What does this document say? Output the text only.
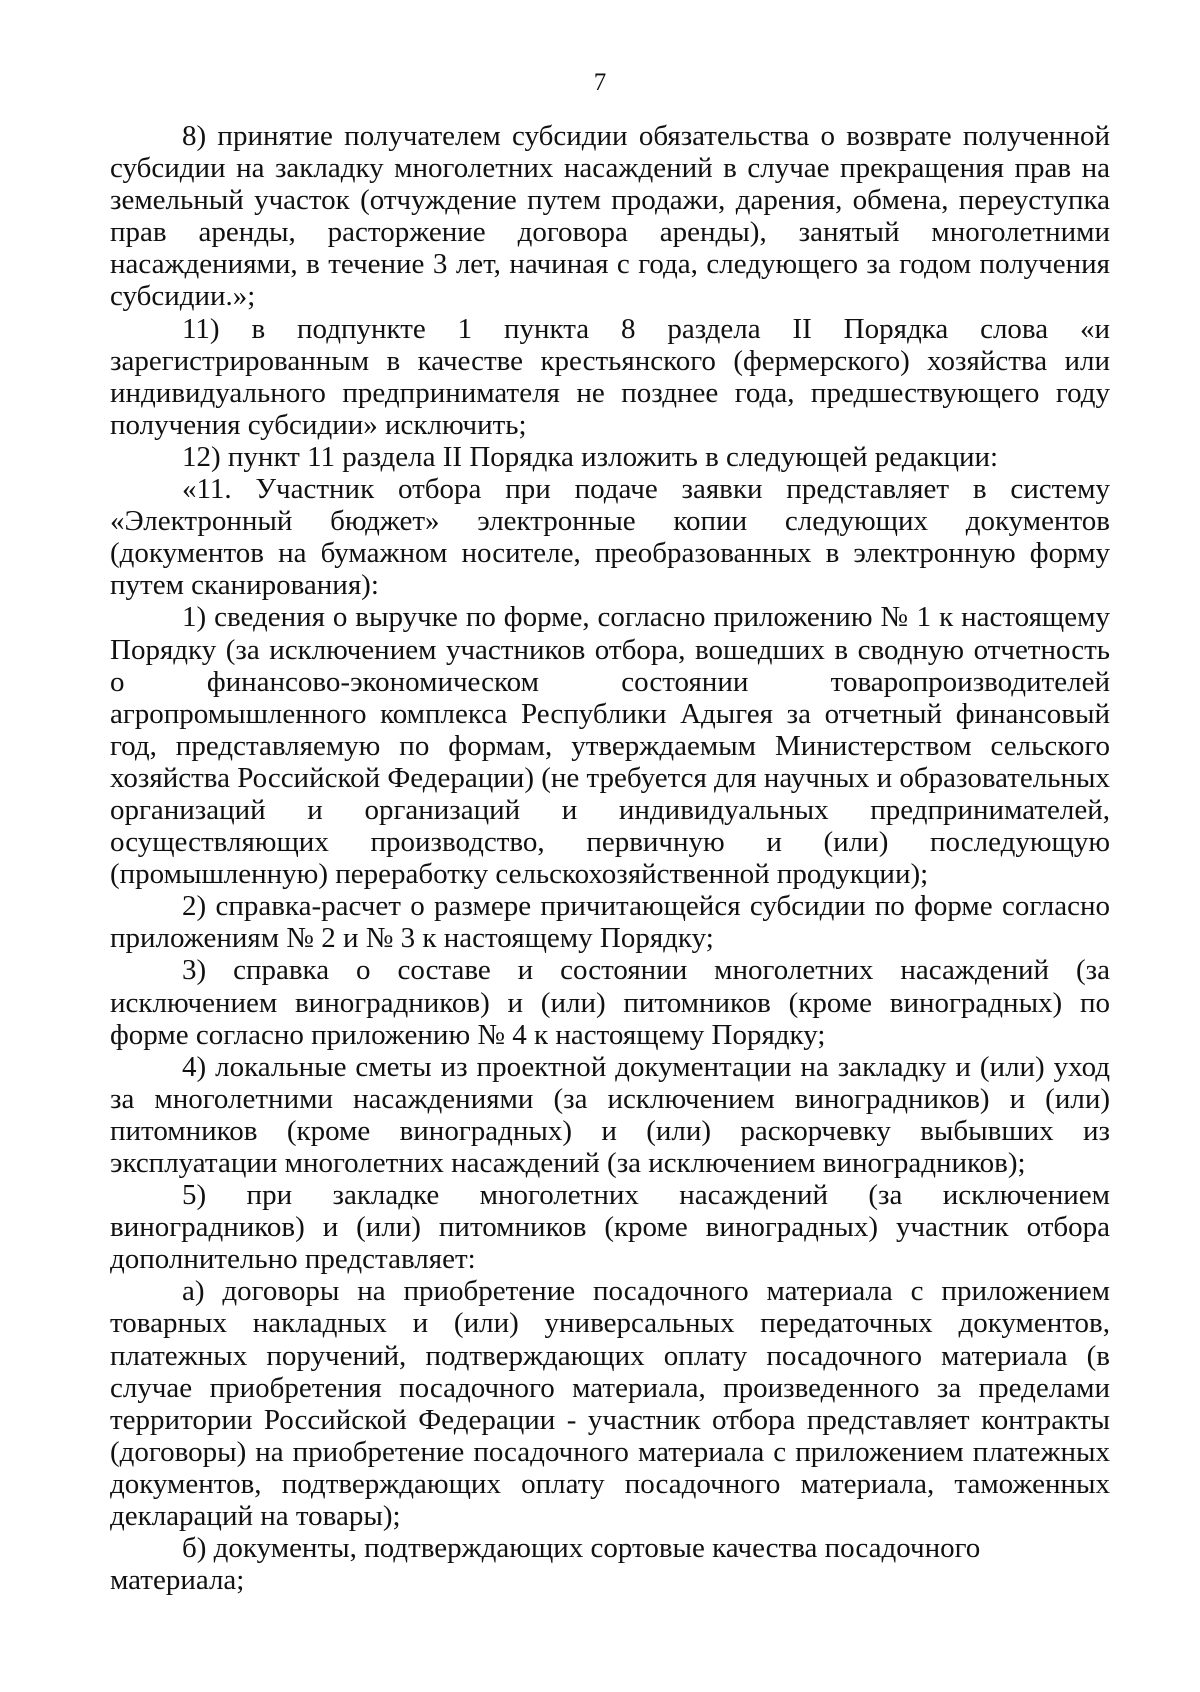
7

8) принятие получателем субсидии обязательства о возврате полученной субсидии на закладку многолетних насаждений в случае прекращения прав на земельный участок (отчуждение путем продажи, дарения, обмена, переуступка прав аренды, расторжение договора аренды), занятый многолетними насаждениями, в течение 3 лет, начиная с года, следующего за годом получения субсидии.»;

11) в подпункте 1 пункта 8 раздела II Порядка слова «и зарегистрированным в качестве крестьянского (фермерского) хозяйства или индивидуального предпринимателя не позднее года, предшествующего году получения субсидии» исключить;

12) пункт 11 раздела II Порядка изложить в следующей редакции:

«11. Участник отбора при подаче заявки представляет в систему «Электронный бюджет» электронные копии следующих документов (документов на бумажном носителе, преобразованных в электронную форму путем сканирования):

1) сведения о выручке по форме, согласно приложению № 1 к настоящему Порядку (за исключением участников отбора, вошедших в сводную отчетность о финансово-экономическом состоянии товаропроизводителей агропромышленного комплекса Республики Адыгея за отчетный финансовый год, представляемую по формам, утверждаемым Министерством сельского хозяйства Российской Федерации) (не требуется для научных и образовательных организаций и организаций и индивидуальных предпринимателей, осуществляющих производство, первичную и (или) последующую (промышленную) переработку сельскохозяйственной продукции);

2) справка-расчет о размере причитающейся субсидии по форме согласно приложениям № 2 и № 3 к настоящему Порядку;

3) справка о составе и состоянии многолетних насаждений (за исключением виноградников) и (или) питомников (кроме виноградных) по форме согласно приложению № 4 к настоящему Порядку;

4) локальные сметы из проектной документации на закладку и (или) уход за многолетними насаждениями (за исключением виноградников) и (или) питомников (кроме виноградных) и (или) раскорчевку выбывших из эксплуатации многолетних насаждений (за исключением виноградников);

5) при закладке многолетних насаждений (за исключением виноградников) и (или) питомников (кроме виноградных) участник отбора дополнительно представляет:

а) договоры на приобретение посадочного материала с приложением товарных накладных и (или) универсальных передаточных документов, платежных поручений, подтверждающих оплату посадочного материала (в случае приобретения посадочного материала, произведенного за пределами территории Российской Федерации - участник отбора представляет контракты (договоры) на приобретение посадочного материала с приложением платежных документов, подтверждающих оплату посадочного материала, таможенных деклараций на товары);

б) документы, подтверждающих сортовые качества посадочного материала;
